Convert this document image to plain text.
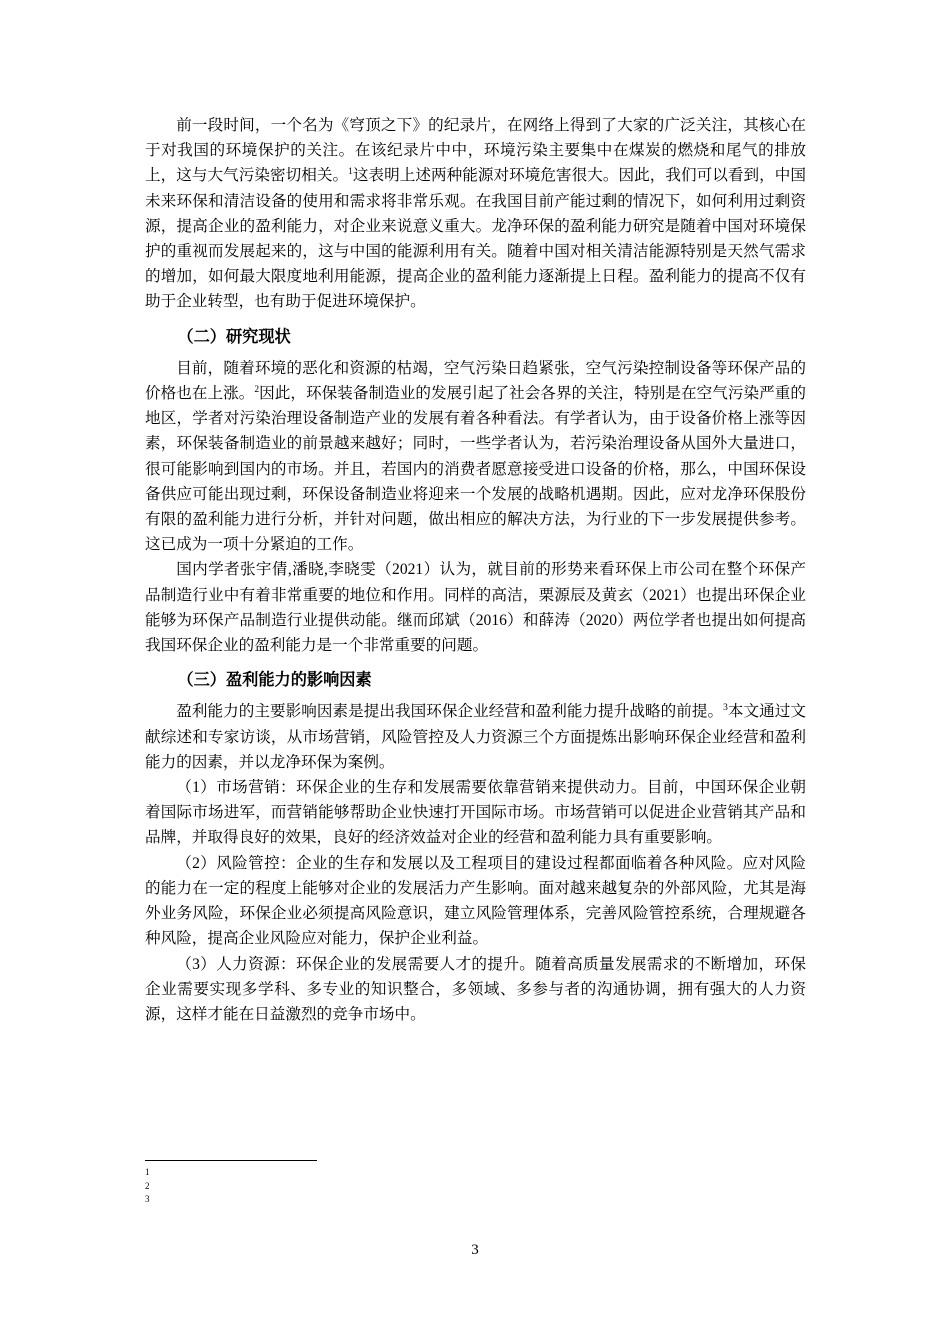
前一段时间，一个名为《穹顶之下》的纪录片，在网络上得到了大家的广泛关注，其核心在于对我国的环境保护的关注。在该纪录片中中，环境污染主要集中在煤炭的燃烧和尾气的排放上，这与大气污染密切相关。$^1$这表明上述两种能源对环境危害很大。因此，我们可以看到，中国未来环保和清洁设备的使用和需求将非常乐观。在我国目前产能过剩的情况下，如何利用过剩资源，提高企业的盈利能力，对企业来说意义重大。龙净环保的盈利能力研究是随着中国对环境保护的重视而发展起来的，这与中国的能源利用有关。随着中国对相关清洁能源特别是天然气需求的增加，如何最大限度地利用能源，提高企业的盈利能力逐渐提上日程。盈利能力的提高不仅有助于企业转型，也有助于促进环境保护。

（二）研究现状

目前，随着环境的恶化和资源的枯竭，空气污染日趋紧张，空气污染控制设备等环保产品的价格也在上涨。$^2$因此，环保装备制造业的发展引起了社会各界的关注，特别是在空气污染严重的地区，学者对污染治理设备制造产业的发展有着各种看法。有学者认为，由于设备价格上涨等因素，环保装备制造业的前景越来越好；同时，一些学者认为，若污染治理设备从国外大量进口，很可能影响到国内的市场。并且，若国内的消费者愿意接受进口设备的价格，那么，中国环保设备供应可能出现过剩，环保设备制造业将迎来一个发展的战略机遇期。因此，应对龙净环保股份有限的盈利能力进行分析，并针对问题，做出相应的解决方法，为行业的下一步发展提供参考。这已成为一项十分紧迫的工作。

国内学者张宇倩,潘晓,李晓雯（2021）认为，就目前的形势来看环保上市公司在整个环保产品制造行业中有着非常重要的地位和作用。同样的高洁，栗源辰及黄玄（2021）也提出环保企业能够为环保产品制造行业提供动能。继而邱斌（2016）和薛涛（2020）两位学者也提出如何提高我国环保企业的盈利能力是一个非常重要的问题。

（三）盈利能力的影响因素

盈利能力的主要影响因素是提出我国环保企业经营和盈利能力提升战略的前提。$^3$本文通过文献综述和专家访谈，从市场营销，风险管控及人力资源三个方面提炼出影响环保企业经营和盈利能力的因素，并以龙净环保为案例。

（1）市场营销：环保企业的生存和发展需要依靠营销来提供动力。目前，中国环保企业朝着国际市场进军，而营销能够帮助企业快速打开国际市场。市场营销可以促进企业营销其产品和品牌，并取得良好的效果，良好的经济效益对企业的经营和盈利能力具有重要影响。

（2）风险管控：企业的生存和发展以及工程项目的建设过程都面临着各种风险。应对风险的能力在一定的程度上能够对企业的发展活力产生影响。面对越来越复杂的外部风险，尤其是海外业务风险，环保企业必须提高风险意识，建立风险管理体系，完善风险管控系统，合理规避各种风险，提高企业风险应对能力，保护企业利益。

（3）人力资源：环保企业的发展需要人才的提升。随着高质量发展需求的不断增加，环保企业需要实现多学科、多专业的知识整合，多领域、多参与者的沟通协调，拥有强大的人力资源，这样才能在日益激烈的竞争市场中。

1
2
3
3
